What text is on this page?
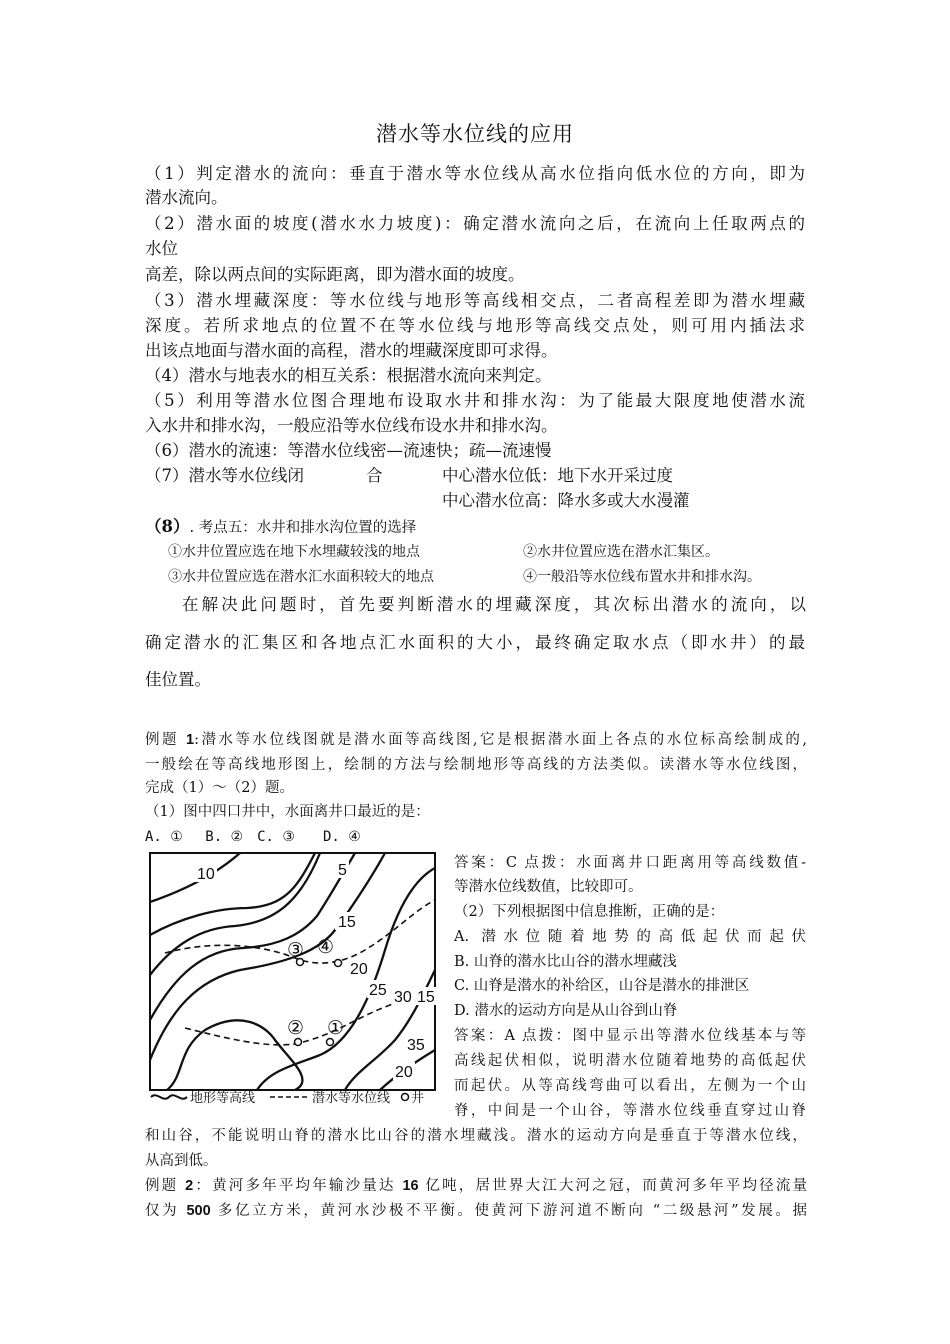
潜水等水位线的应用
（1）判定潜水的流向：垂直于潜水等水位线从高水位指向低水位的方向，即为
潜水流向。
（2）潜水面的坡度(潜水水力坡度)：确定潜水流向之后，在流向上任取两点的
水位
高差，除以两点间的实际距离，即为潜水面的坡度。
（3）潜水埋藏深度：等水位线与地形等高线相交点，二者高程差即为潜水埋藏
深度。若所求地点的位置不在等水位线与地形等高线交点处，则可用内插法求
出该点地面与潜水面的高程，潜水的埋藏深度即可求得。
（4）潜水与地表水的相互关系：根据潜水流向来判定。
（5）利用等潜水位图合理地布设取水井和排水沟：为了能最大限度地使潜水流
入水井和排水沟，一般应沿等水位线布设水井和排水沟。
（6）潜水的流速：等潜水位线密—流速快；疏—流速慢
（7）潜水等水位线闭	合	中心潜水位低：地下水开采过度
中心潜水位高：降水多或大水漫灌
（8）. 考点五：水井和排水沟位置的选择
①水井位置应选在地下水埋藏较浅的地点	②水井位置应选在潜水汇集区。
③水井位置应选在潜水汇水面积较大的地点	④一般沿等水位线布置水井和排水沟。
在解决此问题时，首先要判断潜水的埋藏深度，其次标出潜水的流向，以
确定潜水的汇集区和各地点汇水面积的大小，最终确定取水点（即水井）的最
佳位置。
例题 1:潜水等水位线图就是潜水面等高线图,它是根据潜水面上各点的水位标高绘制成的,
一般绘在等高线地形图上，绘制的方法与绘制地形等高线的方法类似。读潜水等水位线图，
完成（1）～（2）题。
（1）图中四口井中，水面离井口最近的是：
A. ①　 B. ②　C. ③　　D. ④
10	5
15
20
25 30 15
35
20
③ ④
② ①
地形等高线	潜水等水位线 井
答案：C 点拨：水面离井口距离用等高线数值-
等潜水位线数值，比较即可。
（2）下列根据图中信息推断，正确的是：
A. 潜水位随着地势的高低起伏而起伏
B. 山脊的潜水比山谷的潜水埋藏浅
C. 山脊是潜水的补给区，山谷是潜水的排泄区
D. 潜水的运动方向是从山谷到山脊
答案：A 点拨：图中显示出等潜水位线基本与等
高线起伏相似，说明潜水位随着地势的高低起伏
而起伏。从等高线弯曲可以看出，左侧为一个山
脊，中间是一个山谷，等潜水位线垂直穿过山脊
和山谷，不能说明山脊的潜水比山谷的潜水埋藏浅。潜水的运动方向是垂直于等潜水位线，
从高到低。
例题 2：黄河多年平均年输沙量达 16 亿吨，居世界大江大河之冠，而黄河多年平均径流量
仅为 500 多亿立方米，黄河水沙极不平衡。使黄河下游河道不断向 “二级悬河”发展。据
